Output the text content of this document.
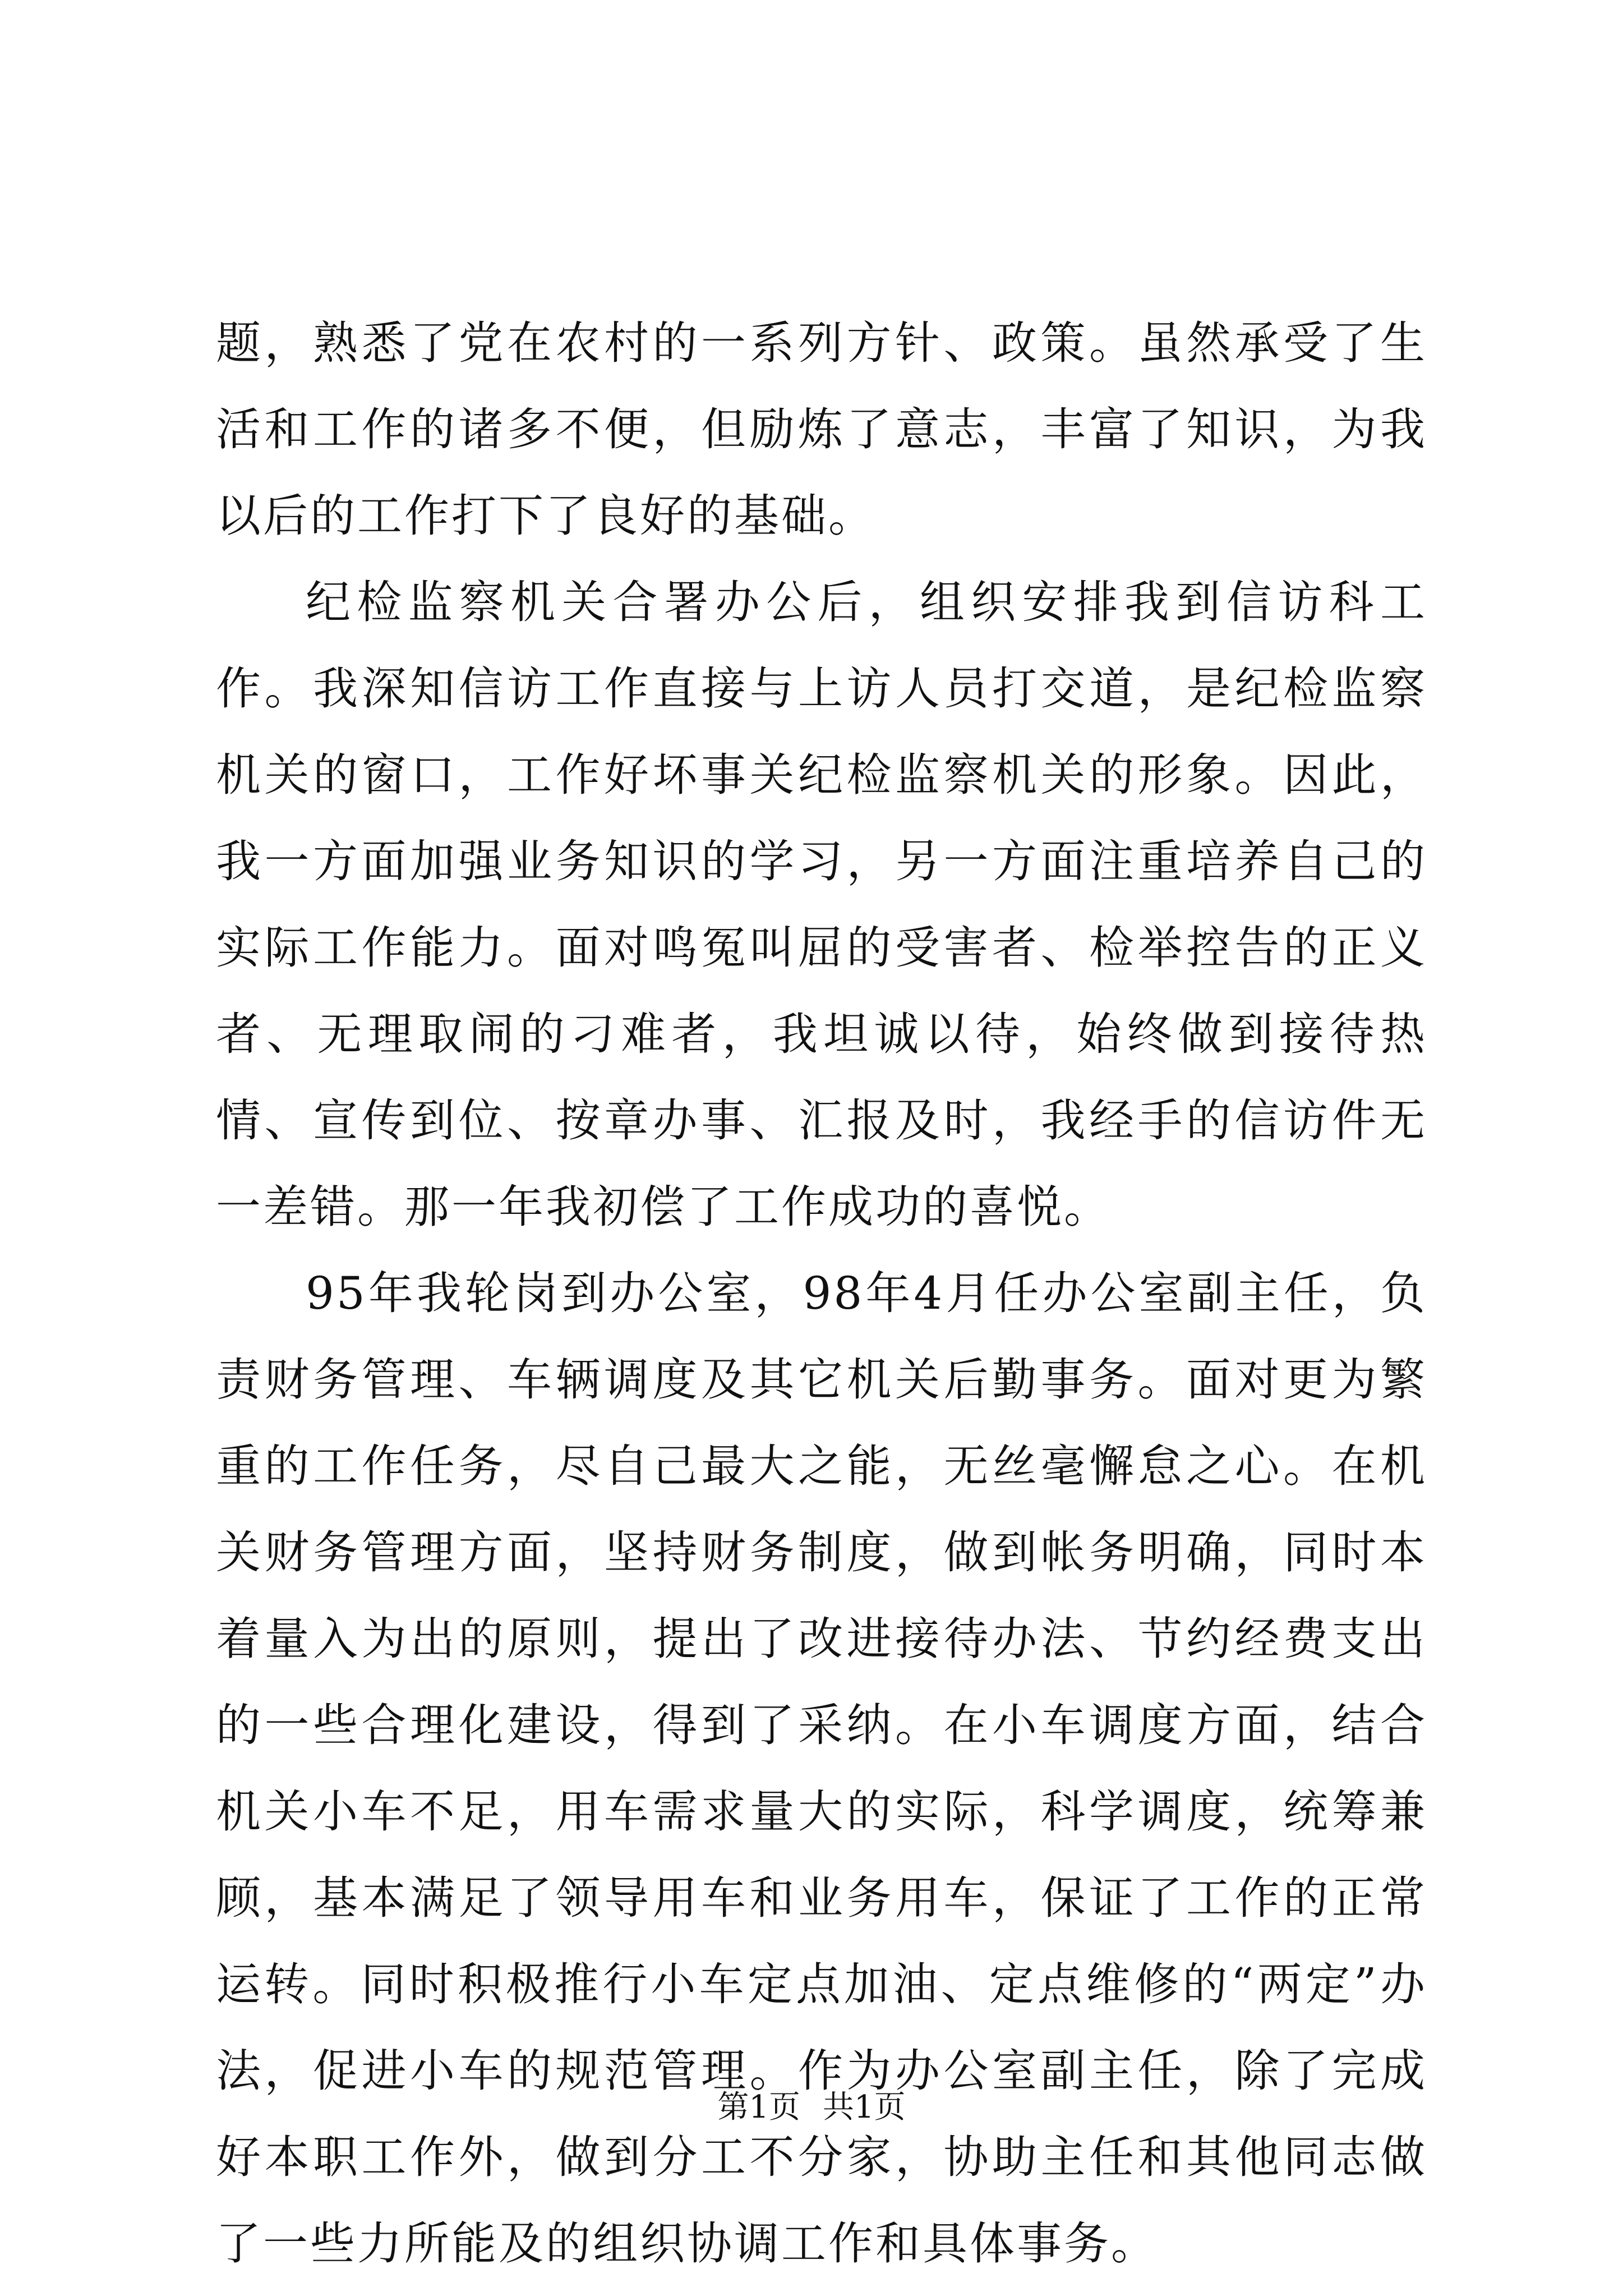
题，熟悉了党在农村的一系列方针、政策。虽然承受了生活和工作的诸多不便，但励炼了意志，丰富了知识，为我以后的工作打下了良好的基础。

纪检监察机关合署办公后，组织安排我到信访科工作。我深知信访工作直接与上访人员打交道，是纪检监察机关的窗口，工作好坏事关纪检监察机关的形象。因此，我一方面加强业务知识的学习，另一方面注重培养自己的实际工作能力。面对鸣冤叫屈的受害者、检举控告的正义者、无理取闹的刁难者，我坦诚以待，始终做到接待热情、宣传到位、按章办事、汇报及时，我经手的信访件无一差错。那一年我初偿了工作成功的喜悦。

95年我轮岗到办公室，98年4月任办公室副主任，负责财务管理、车辆调度及其它机关后勤事务。面对更为繁重的工作任务，尽自己最大之能，无丝毫懈怠之心。在机关财务管理方面，坚持财务制度，做到帐务明确，同时本着量入为出的原则，提出了改进接待办法、节约经费支出的一些合理化建设，得到了采纳。在小车调度方面，结合机关小车不足，用车需求量大的实际，科学调度，统筹兼顾，基本满足了领导用车和业务用车，保证了工作的正常运转。同时积极推行小车定点加油、定点维修的“两定”办法，促进小车的规范管理。作为办公室副主任，除了完成好本职工作外，做到分工不分家，协助主任和其他同志做了一些力所能及的组织协调工作和具体事务。

第1页 共1页
